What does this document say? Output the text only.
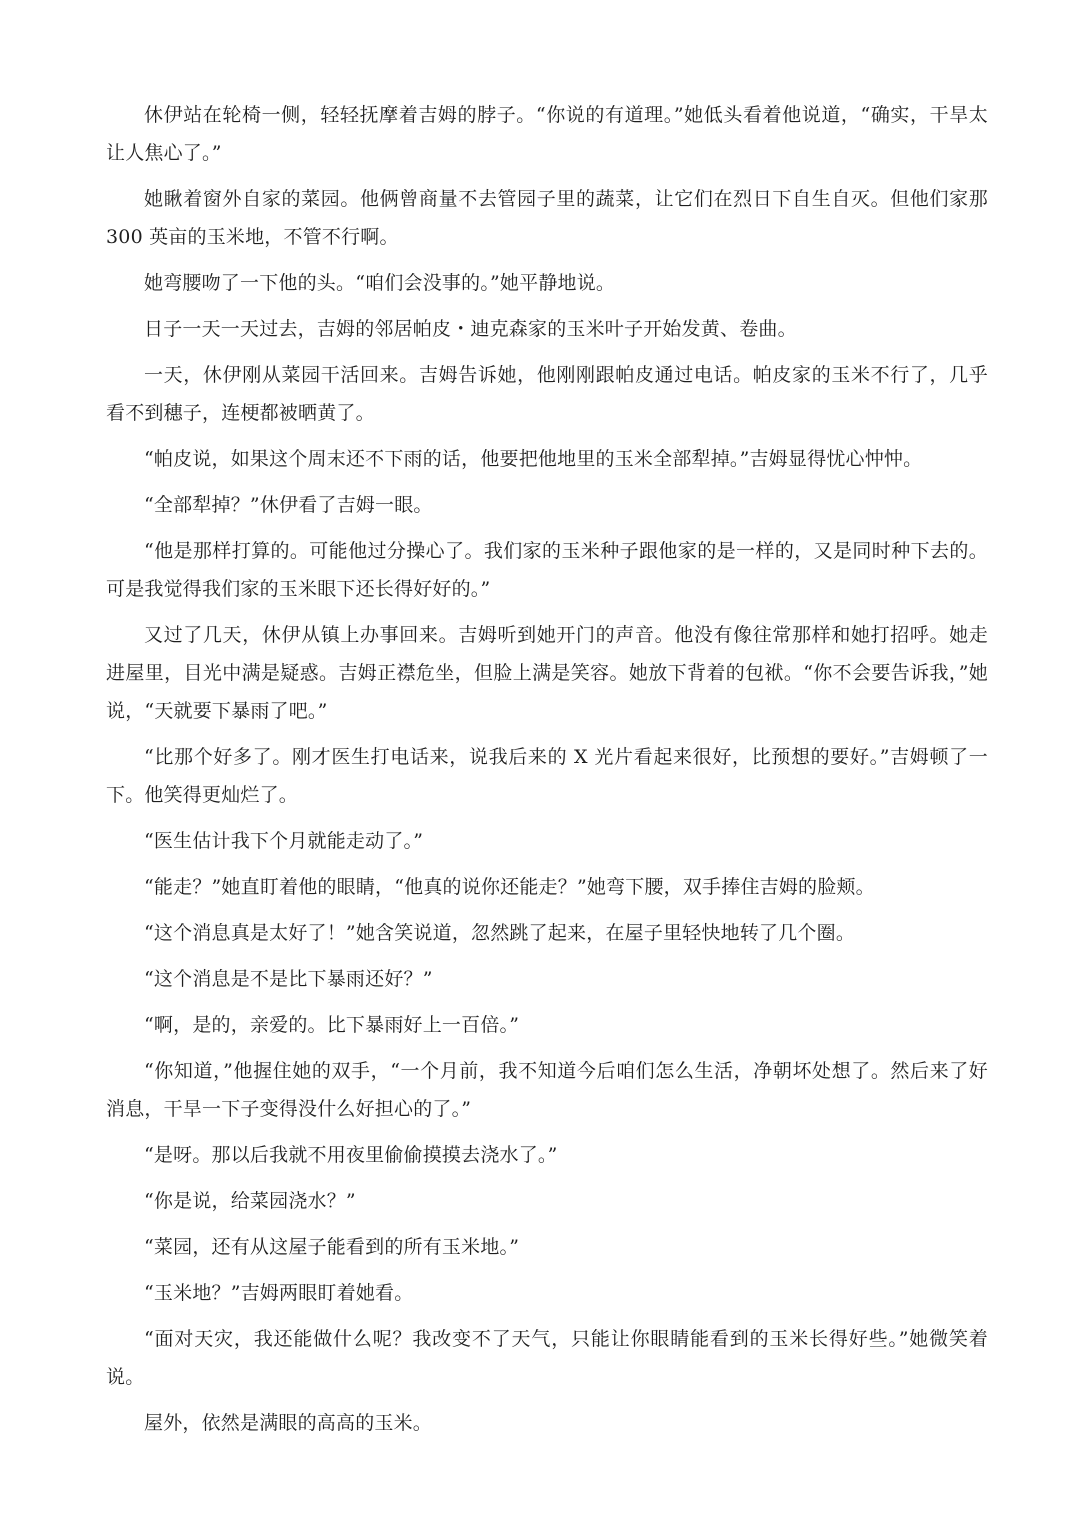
休伊站在轮椅一侧，轻轻抚摩着吉姆的脖子。“你说的有道理。”她低头看着他说道，“确实，干旱太让人焦心了。”

她瞅着窗外自家的菜园。他俩曾商量不去管园子里的蔬菜，让它们在烈日下自生自灭。但他们家那 300 英亩的玉米地，不管不行啊。

她弯腰吻了一下他的头。“咱们会没事的。”她平静地说。

日子一天一天过去，吉姆的邻居帕皮・迪克森家的玉米叶子开始发黄、卷曲。

一天，休伊刚从菜园干活回来。吉姆告诉她，他刚刚跟帕皮通过电话。帕皮家的玉米不行了，几乎看不到穗子，连梗都被晒黄了。

“帕皮说，如果这个周末还不下雨的话，他要把他地里的玉米全部犁掉。”吉姆显得忧心忡忡。

“全部犁掉？”休伊看了吉姆一眼。

“他是那样打算的。可能他过分操心了。我们家的玉米种子跟他家的是一样的，又是同时种下去的。可是我觉得我们家的玉米眼下还长得好好的。”

又过了几天，休伊从镇上办事回来。吉姆听到她开门的声音。他没有像往常那样和她打招呼。她走进屋里，目光中满是疑惑。吉姆正襟危坐，但脸上满是笑容。她放下背着的包袱。“你不会要告诉我，”她说，“天就要下暴雨了吧。”

“比那个好多了。刚才医生打电话来，说我后来的 X 光片看起来很好，比预想的要好。”吉姆顿了一下。他笑得更灿烂了。

“医生估计我下个月就能走动了。”

“能走？”她直盯着他的眼睛，“他真的说你还能走？”她弯下腰，双手捧住吉姆的脸颊。

“这个消息真是太好了！”她含笑说道，忽然跳了起来，在屋子里轻快地转了几个圈。

“这个消息是不是比下暴雨还好？”

“啊，是的，亲爱的。比下暴雨好上一百倍。”

“你知道，”他握住她的双手，“一个月前，我不知道今后咱们怎么生活，净朝坏处想了。然后来了好消息，干旱一下子变得没什么好担心的了。”

“是呀。那以后我就不用夜里偷偷摸摸去浇水了。”

“你是说，给菜园浇水？”

“菜园，还有从这屋子能看到的所有玉米地。”

“玉米地？”吉姆两眼盯着她看。

“面对天灾，我还能做什么呢？我改变不了天气，只能让你眼睛能看到的玉米长得好些。”她微笑着说。

屋外，依然是满眼的高高的玉米。
